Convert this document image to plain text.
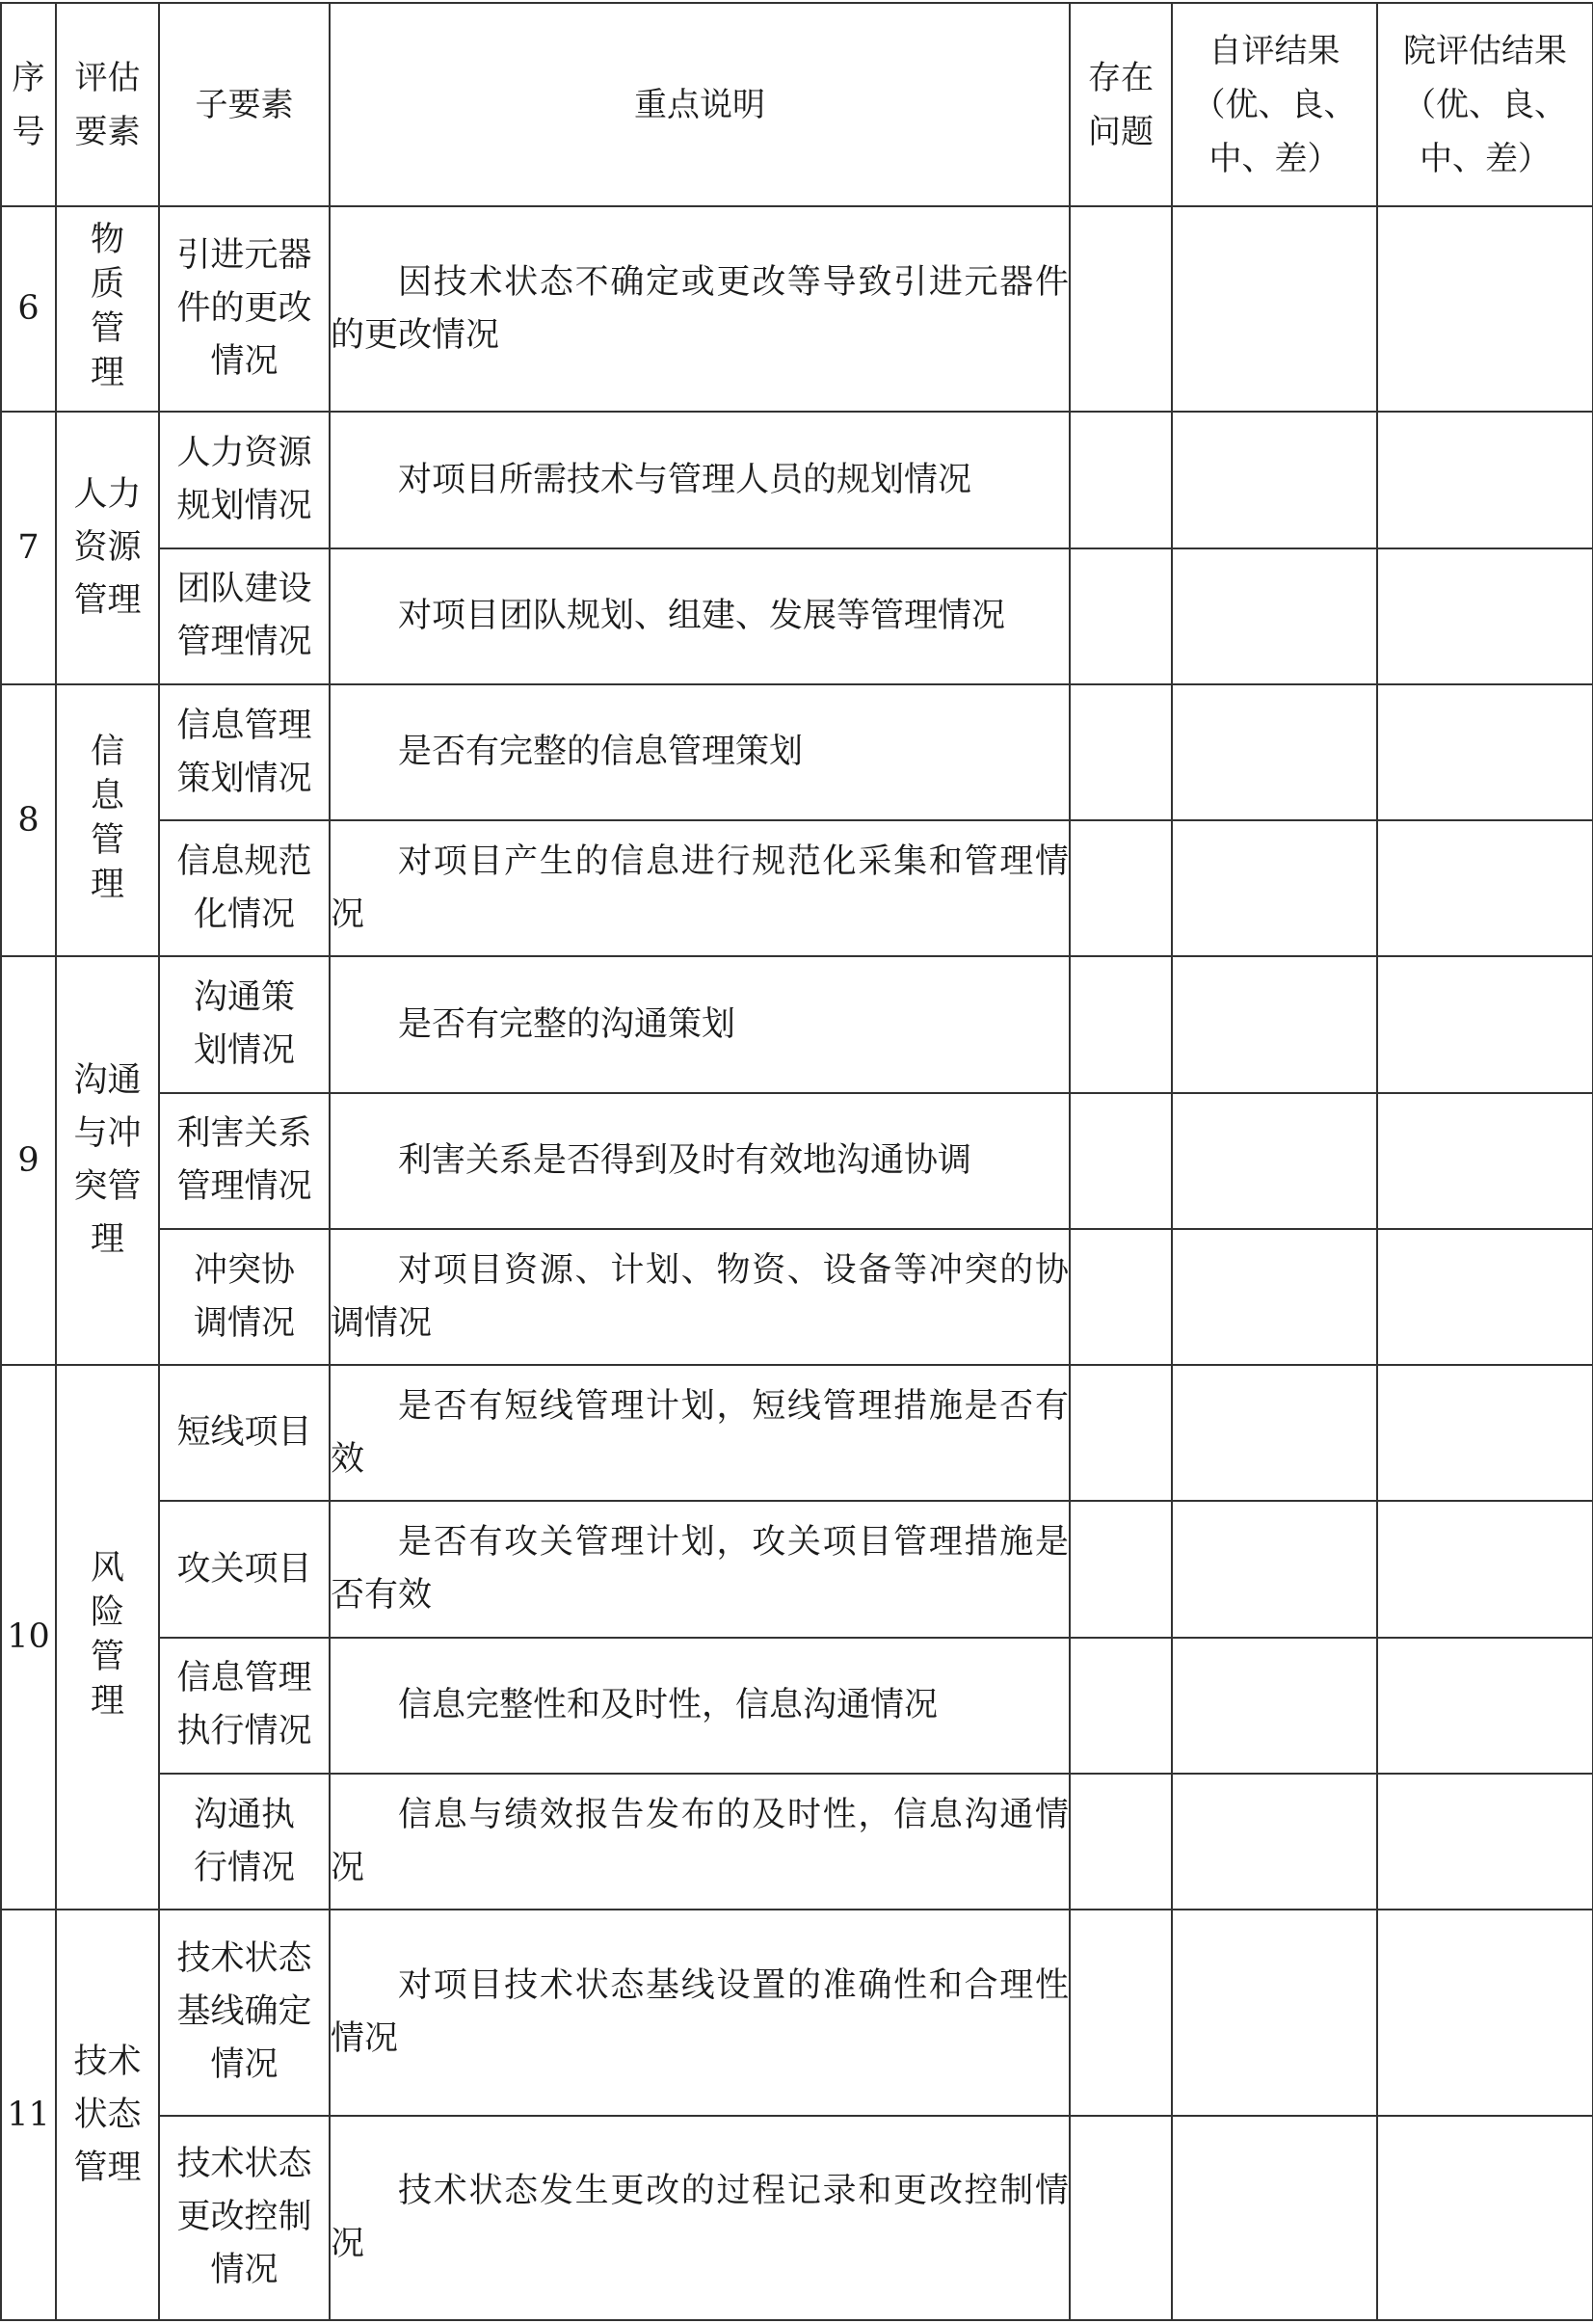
序号	评估要素	子要素	重点说明	存在问题	自评结果（优、良、中、差）	院评估结果（优、良、中、差）
6	物质管理	引进元器件的更改情况	因技术状态不确定或更改等导致引进元器件的更改情况			

7	人力资源管理	人力资源规划情况	对项目所需技术与管理人员的规划情况			

		团队建设管理情况	对项目团队规划、组建、发展等管理情况			

8	信息管理	信息管理策划情况	是否有完整的信息管理策划			

		信息规范化情况	对项目产生的信息进行规范化采集和管理情况			

9	沟通与冲突管理	沟通策划情况	是否有完整的沟通策划			

		利害关系管理情况	利害关系是否得到及时有效地沟通协调			

		冲突协调情况	对项目资源、计划、物资、设备等冲突的协调情况			

10	风险管理	短线项目	是否有短线管理计划，短线管理措施是否有效			

		攻关项目	是否有攻关管理计划，攻关项目管理措施是否有效			

		信息管理执行情况	信息完整性和及时性，信息沟通情况			

		沟通执行情况	信息与绩效报告发布的及时性，信息沟通情况			

11	技术状态管理	技术状态基线确定情况	对项目技术状态基线设置的准确性和合理性情况			

		技术状态更改控制情况	技术状态发生更改的过程记录和更改控制情况			
